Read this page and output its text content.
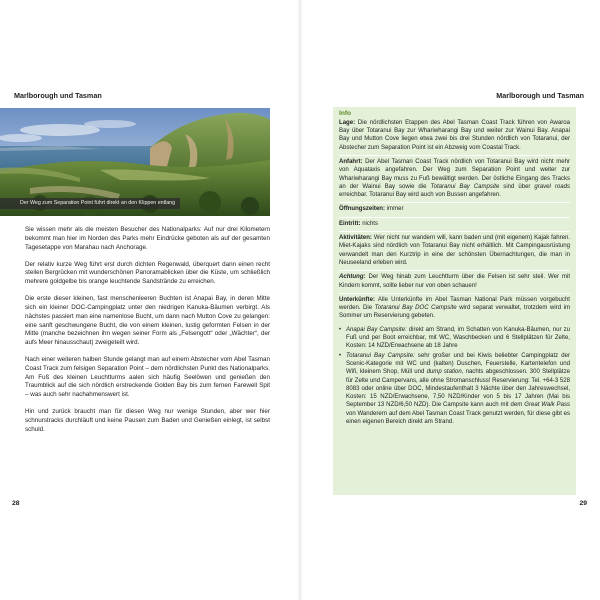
Marlborough und Tasman
Der Weg zum Separation Point führt direkt an den Klippen entlang

Sie wissen mehr als die meisten Besucher des Nationalparks: Auf nur drei Kilometern bekommt man hier im Norden des Parks mehr Eindrücke geboten als auf der gesamten Tagesetappe von Marahau nach Anchorage.

Der relativ kurze Weg führt erst durch dichten Regenwald, überquert dann einen recht steilen Bergrücken mit wunderschönen Panoramablicken über die Küste, um schließlich mehrere goldgelbe bis orange leuchtende Sandstrände zu erreichen.

Die erste dieser kleinen, fast menschenleeren Buchten ist Anapai Bay, in deren Mitte sich ein kleiner DOC-Campingplatz unter den niedrigen Kanuka-Bäumen verbirgt. Als nächstes passiert man eine namenlose Bucht, um dann nach Mutton Cove zu gelangen: eine sanft geschwungene Bucht, die von einem kleinen, lustig geformten Felsen in der Mitte (manche bezeichnen ihn wegen seiner Form als „Felsengott“ oder „Wächter“, der aufs Meer hinausschaut) zweigeteilt wird.

Nach einer weiteren halben Stunde gelangt man auf einem Abstecher vom Abel Tasman Coast Track zum felsigen Separation Point – dem nördlichsten Punkt des Nationalparks. Am Fuß des kleinen Leuchtturms aalen sich häufig Seelöwen und genießen den Traumblick auf die sich nördlich erstreckende Golden Bay bis zum fernen Farewell Spit – was auch sehr nachahmenswert ist.

Hin und zurück braucht man für diesen Weg nur wenige Stunden, aber wer hier schnurstracks durchläuft und keine Pausen zum Baden und Genießen einlegt, ist selbst schuld.

28
Marlborough und Tasman
Info

Lage: Die nördlichsten Etappen des Abel Tasman Coast Track führen von Awaroa Bay über Totaranui Bay zur Whariwharangi Bay und weiter zur Wainui Bay. Anapai Bay und Mutton Cove liegen etwa zwei bis drei Stunden nördlich von Totaranui, der Abstecher zum Separation Point ist ein Abzweig vom Coastal Track.

Anfahrt: Der Abel Tasman Coast Track nördlich von Totaranui Bay wird nicht mehr von Aquataxis angefahren. Der Weg zum Separation Point und weiter zur Whariwharangi Bay muss zu Fuß bewältigt werden. Der östliche Eingang des Tracks an der Wainui Bay sowie die Totaranui Bay Campsite sind über gravel roads erreichbar. Totaranui Bay wird auch von Bussen angefahren.

Öffnungszeiten: immer

Eintritt: nichts

Aktivitäten: Wer nicht nur wandern will, kann baden und (mit eigenem) Kajak fahren. Miet-Kajaks sind nördlich von Totaranui Bay nicht erhältlich. Mit Campingausrüstung verwandelt man den Kurztrip in eine der schönsten Übernachtungen, die man in Neuseeland erleben wird.

Achtung: Der Weg hinab zum Leuchtturm über die Felsen ist sehr steil. Wer mit Kindern kommt, sollte lieber nur von oben schauen!

Unterkünfte: Alle Unterkünfte im Abel Tasman National Park müssen vorgebucht werden. Die Totaranui Bay DOC Campsite wird separat verwaltet, trotzdem wird im Sommer um Reservierung gebeten.

• Anapai Bay Campsite: direkt am Strand, im Schatten von Kanuka-Bäumen, nur zu Fuß und per Boot erreichbar, mit WC, Waschbecken und 6 Stellplätzen für Zelte, Kosten: 14 NZD/Erwachsene ab 18 Jahre
• Totaranui Bay Campsite: sehr großer und bei Kiwis beliebter Campingplatz der Scenic-Kategorie mit WC und (kalten) Duschen, Feuerstelle, Kartentelefon und Wifi, kleinem Shop, Müll und dump station, nachts abgeschlossen. 300 Stellplätze für Zelte und Campervans, alle ohne Stromanschluss! Reservierung: Tel. +64-3 528 8083 oder online über DOC, Mindestaufenthalt 3 Nächte über den Jahreswechsel, Kosten: 15 NZD/Erwachsene, 7,50 NZD/Kinder von 5 bis 17 Jahren (Mai bis September 13 NZD/6,50 NZD). Die Campsite kann auch mit dem Great Walk Pass von Wanderern auf dem Abel Tasman Coast Track genutzt werden, für diese gibt es einen eigenen Bereich direkt am Strand.
29
